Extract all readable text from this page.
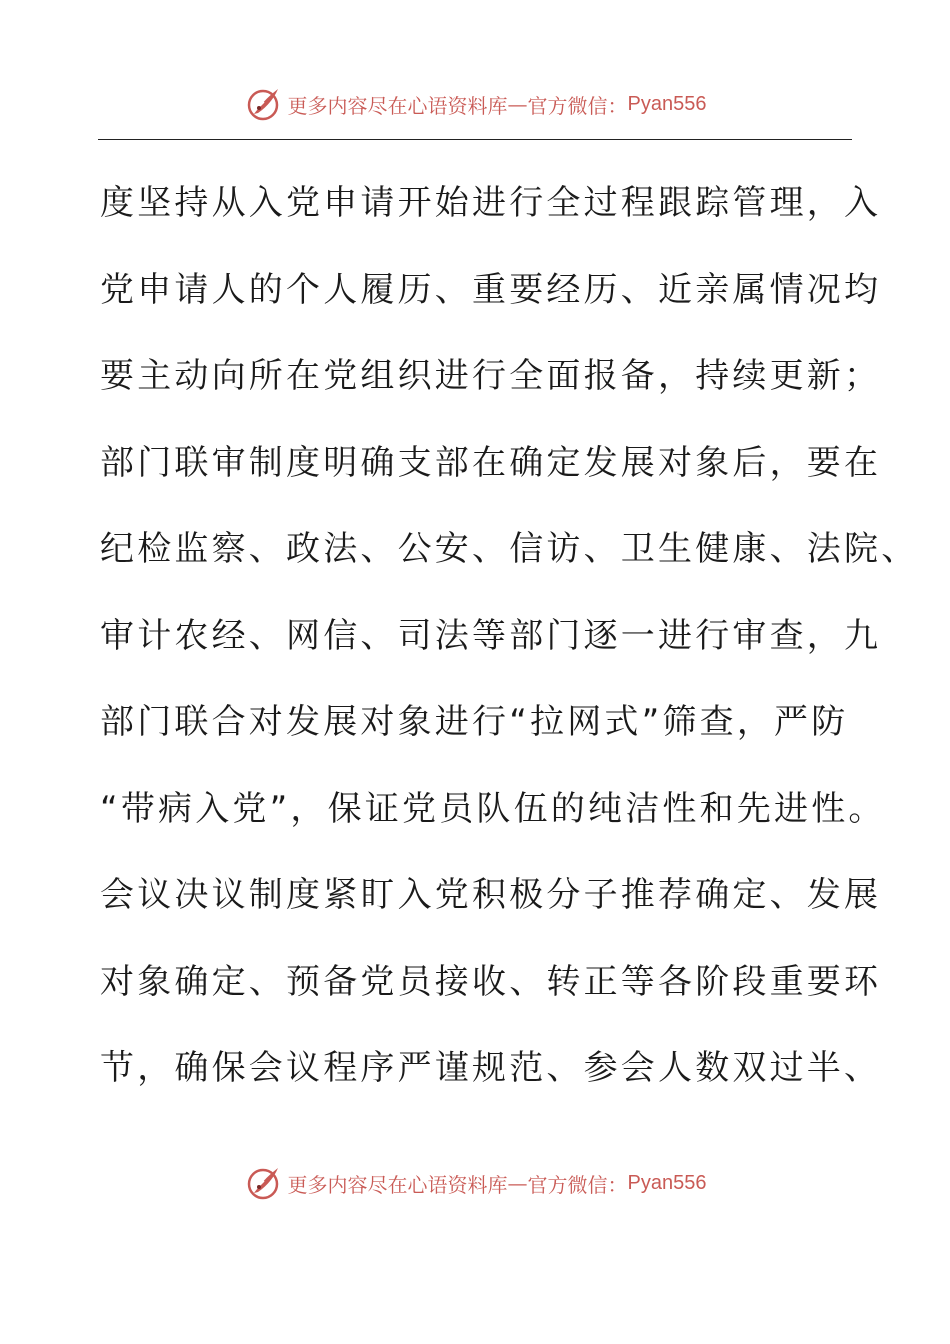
更多内容尽在心语资料库 — 官方微信： Pyan556
度坚持从入党申请开始进行全过程跟踪管理，入
党申请人的个人履历、重要经历、近亲属情况均
要主动向所在党组织进行全面报备，持续更新；
部门联审制度明确支部在确定发展对象后，要在
纪检监察、政法、公安、信访、卫生健康、法院、
审计农经、网信、司法等部门逐一进行审查，九
部门联合对发展对象进行“拉网式”筛查，严防
“带病入党”，保证党员队伍的纯洁性和先进性。
会议决议制度紧盯入党积极分子推荐确定、发展
对象确定、预备党员接收、转正等各阶段重要环
节，确保会议程序严谨规范、参会人数双过半、
更多内容尽在心语资料库 — 官方微信： Pyan556
